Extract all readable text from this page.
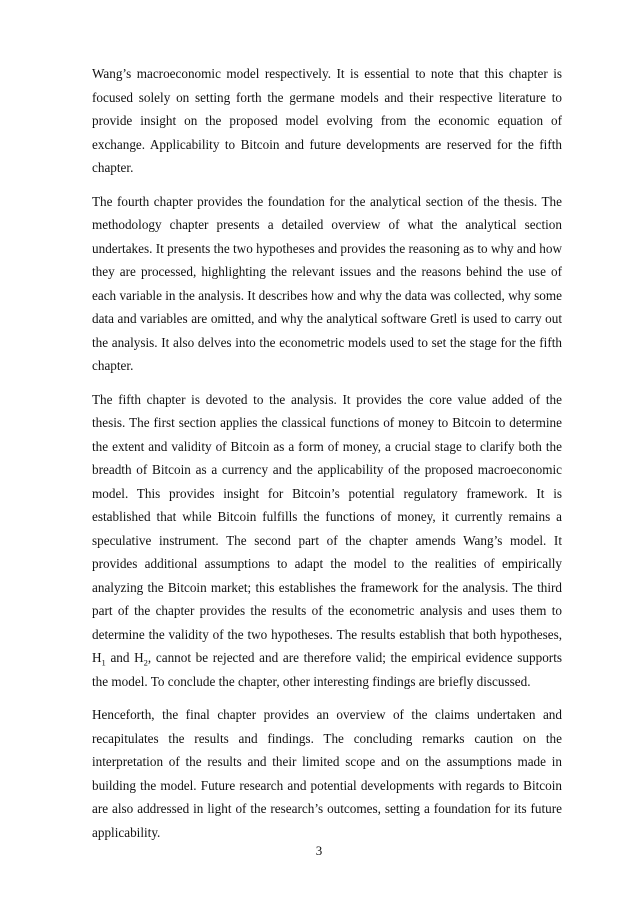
Wang’s macroeconomic model respectively. It is essential to note that this chapter is focused solely on setting forth the germane models and their respective literature to provide insight on the proposed model evolving from the economic equation of exchange. Applicability to Bitcoin and future developments are reserved for the fifth chapter.

The fourth chapter provides the foundation for the analytical section of the thesis. The methodology chapter presents a detailed overview of what the analytical section undertakes. It presents the two hypotheses and provides the reasoning as to why and how they are processed, highlighting the relevant issues and the reasons behind the use of each variable in the analysis. It describes how and why the data was collected, why some data and variables are omitted, and why the analytical software Gretl is used to carry out the analysis. It also delves into the econometric models used to set the stage for the fifth chapter.

The fifth chapter is devoted to the analysis. It provides the core value added of the thesis. The first section applies the classical functions of money to Bitcoin to determine the extent and validity of Bitcoin as a form of money, a crucial stage to clarify both the breadth of Bitcoin as a currency and the applicability of the proposed macroeconomic model. This provides insight for Bitcoin’s potential regulatory framework. It is established that while Bitcoin fulfills the functions of money, it currently remains a speculative instrument. The second part of the chapter amends Wang’s model. It provides additional assumptions to adapt the model to the realities of empirically analyzing the Bitcoin market; this establishes the framework for the analysis. The third part of the chapter provides the results of the econometric analysis and uses them to determine the validity of the two hypotheses. The results establish that both hypotheses, $H_1$ and $H_2$, cannot be rejected and are therefore valid; the empirical evidence supports the model. To conclude the chapter, other interesting findings are briefly discussed.

Henceforth, the final chapter provides an overview of the claims undertaken and recapitulates the results and findings. The concluding remarks caution on the interpretation of the results and their limited scope and on the assumptions made in building the model. Future research and potential developments with regards to Bitcoin are also addressed in light of the research’s outcomes, setting a foundation for its future applicability.

3
